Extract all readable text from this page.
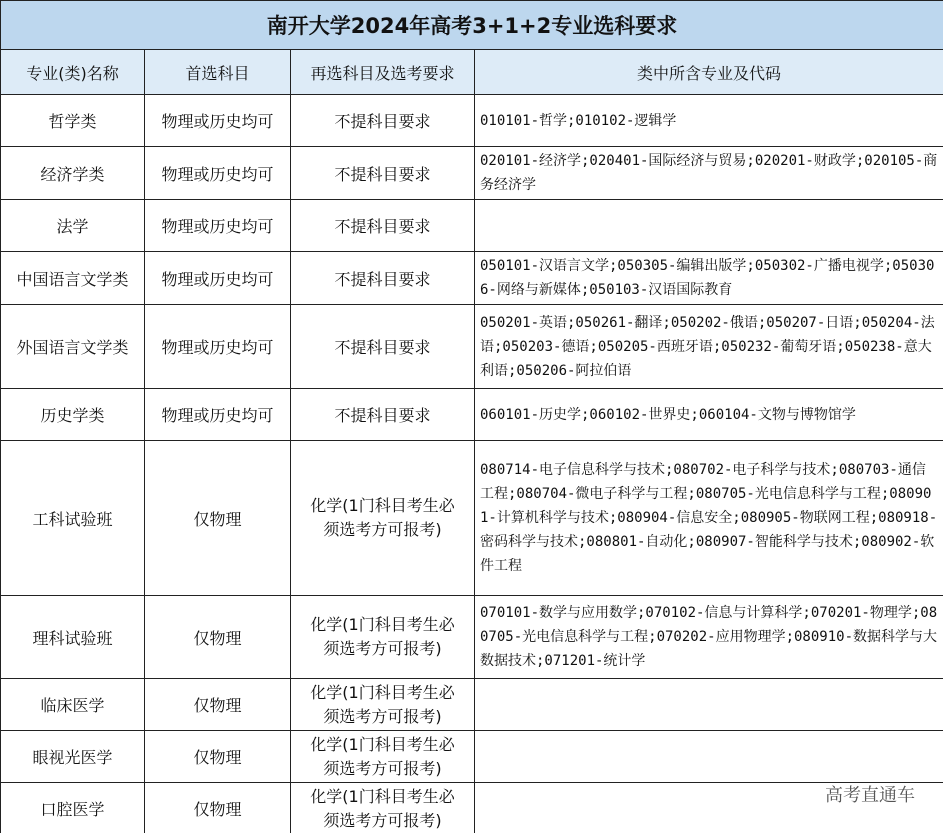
南开大学2024年高考3+1+2专业选科要求			
专业(类)名称	首选科目	再选科目及选考要求	类中所含专业及代码
哲学类	物理或历史均可	不提科目要求	010101-哲学;010102-逻辑学
经济学类	物理或历史均可	不提科目要求	020101-经济学;020401-国际经济与贸易;020201-财政学;020105-商务经济学
法学	物理或历史均可	不提科目要求	
中国语言文学类	物理或历史均可	不提科目要求	050101-汉语言文学;050305-编辑出版学;050302-广播电视学;050306-网络与新媒体;050103-汉语国际教育
外国语言文学类	物理或历史均可	不提科目要求	050201-英语;050261-翻译;050202-俄语;050207-日语;050204-法语;050203-德语;050205-西班牙语;050232-葡萄牙语;050238-意大利语;050206-阿拉伯语
历史学类	物理或历史均可	不提科目要求	060101-历史学;060102-世界史;060104-文物与博物馆学
工科试验班	仅物理	化学(1门科目考生必须选考方可报考)	080714-电子信息科学与技术;080702-电子科学与技术;080703-通信工程;080704-微电子科学与工程;080705-光电信息科学与工程;080901-计算机科学与技术;080904-信息安全;080905-物联网工程;080918-密码科学与技术;080801-自动化;080907-智能科学与技术;080902-软件工程
理科试验班	仅物理	化学(1门科目考生必须选考方可报考)	070101-数学与应用数学;070102-信息与计算科学;070201-物理学;080705-光电信息科学与工程;070202-应用物理学;080910-数据科学与大数据技术;071201-统计学
临床医学	仅物理	化学(1门科目考生必须选考方可报考)	
眼视光医学	仅物理	化学(1门科目考生必须选考方可报考)	
口腔医学	仅物理	化学(1门科目考生必须选考方可报考)	
高考直通车
